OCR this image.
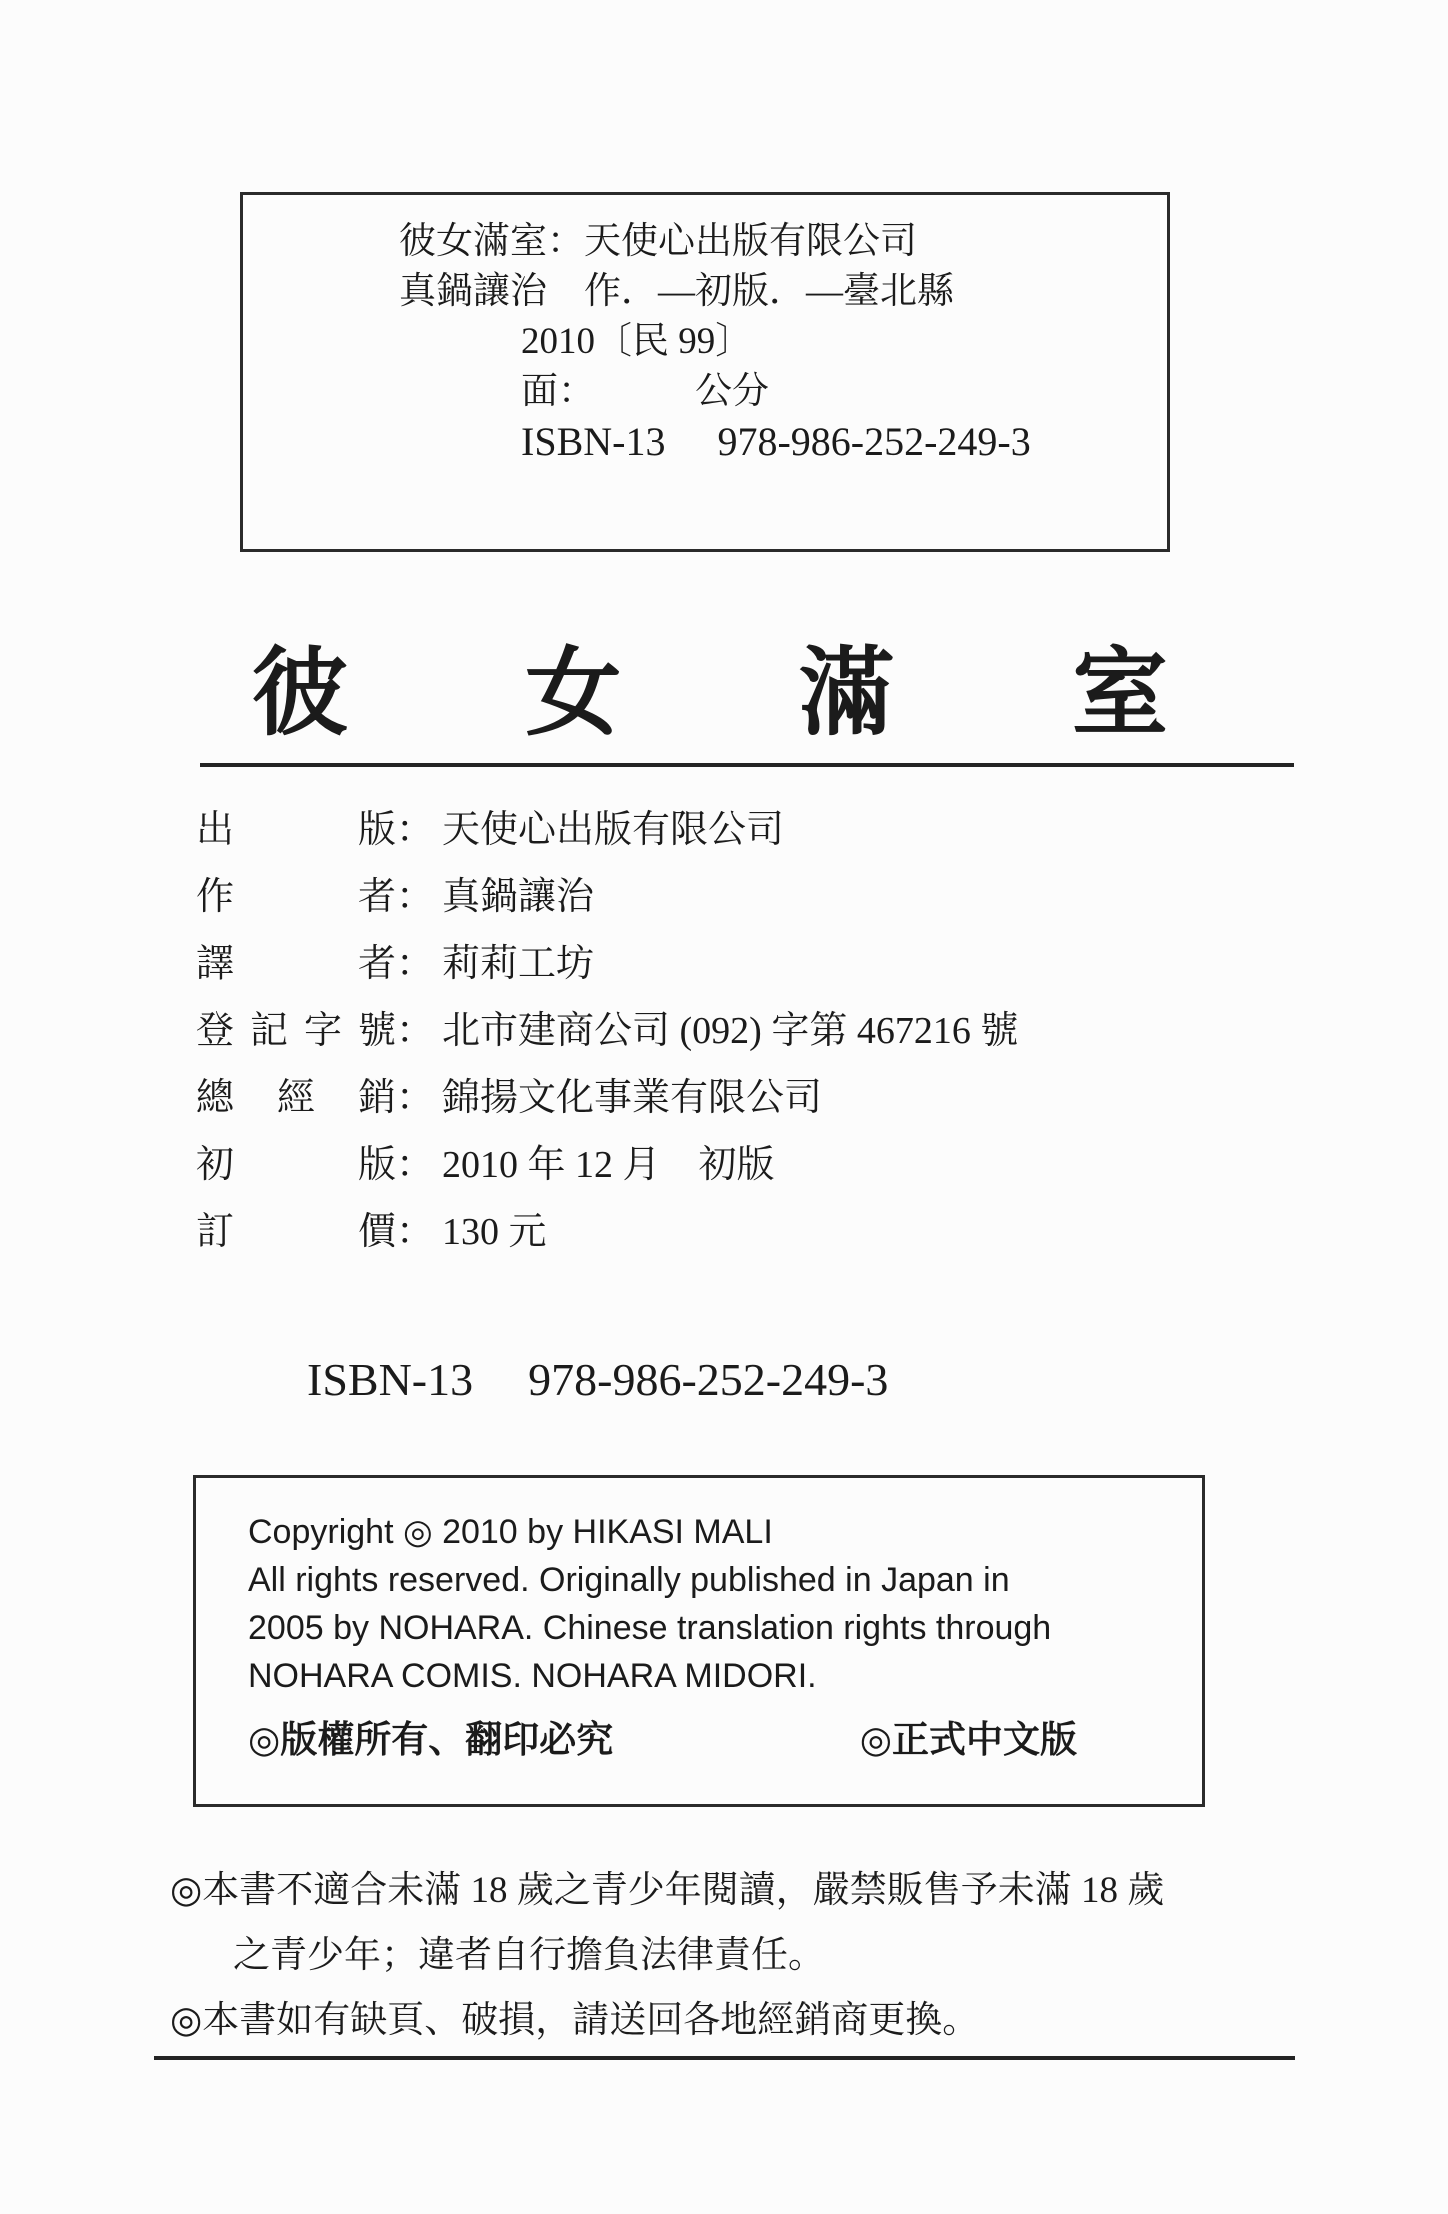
彼女滿室：天使心出版有限公司
真鍋讓治　作．—初版．—臺北縣
2010〔民 99〕
面：	公分
ISBN-13 978-986-252-249-3
彼女滿室
出版： 天使心出版有限公司
作者： 真鍋讓治
譯者： 莉莉工坊
登記字號： 北市建商公司 (092) 字第 467216 號
總經銷： 錦揚文化事業有限公司
初版： 2010 年 12 月　初版
訂價： 130 元
ISBN-13 978-986-252-249-3
Copyright ◎ 2010 by HIKASI MALI
All rights reserved. Originally published in Japan in
2005 by NOHARA. Chinese translation rights through
NOHARA COMIS. NOHARA MIDORI.
◎版權所有、翻印必究	◎正式中文版
◎本書不適合未滿 18 歲之青少年閱讀，嚴禁販售予未滿 18 歲
之青少年；違者自行擔負法律責任。
◎本書如有缺頁、破損，請送回各地經銷商更換。
